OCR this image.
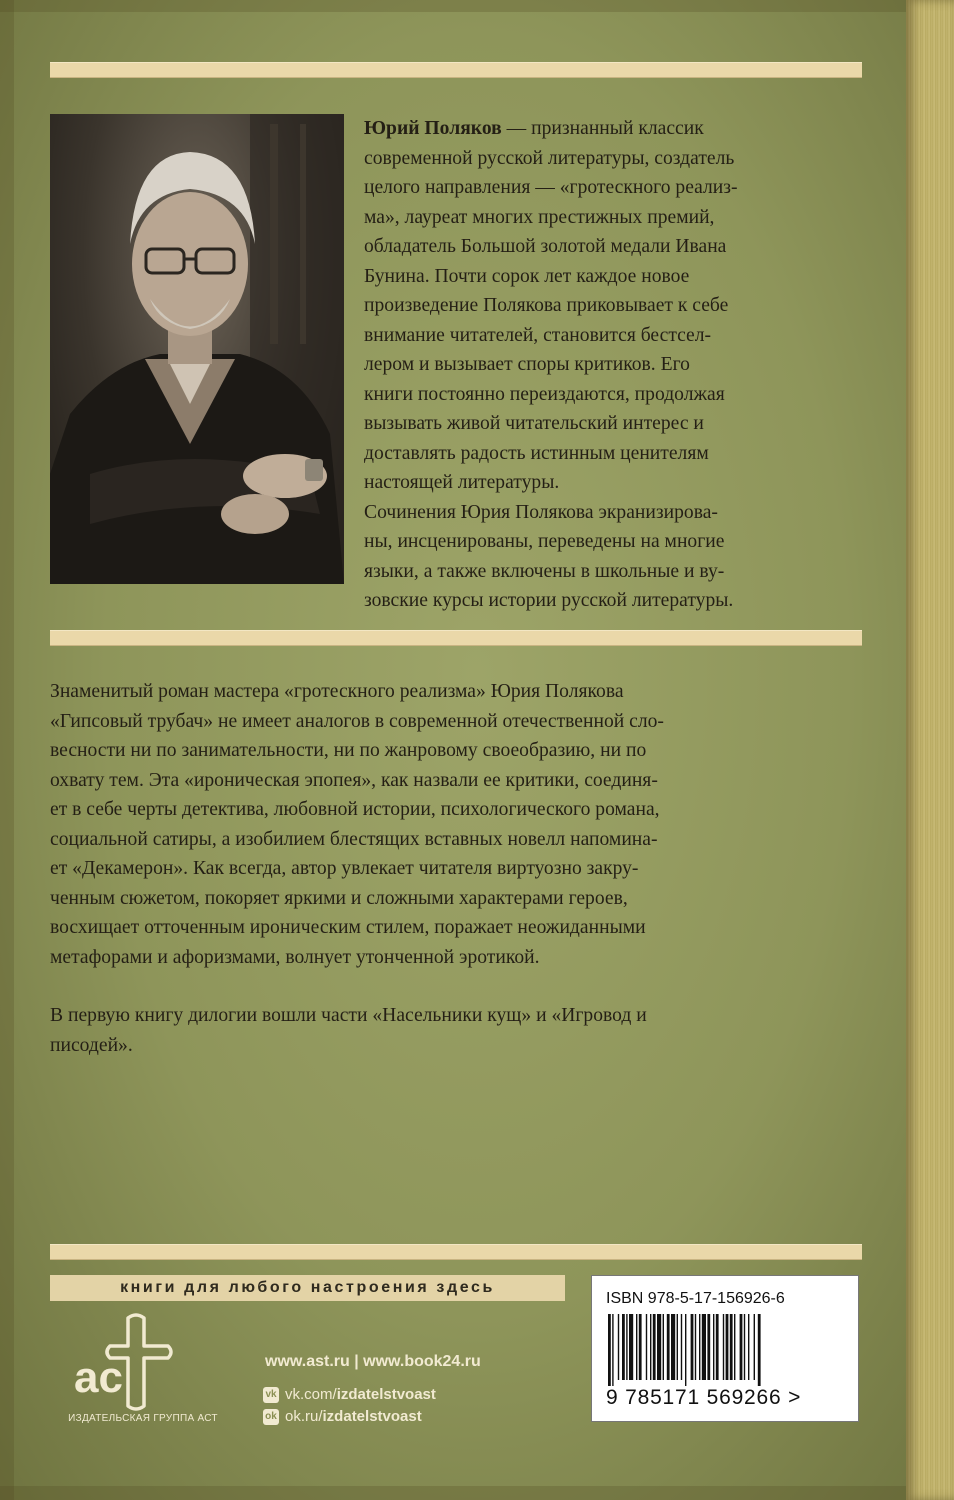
Юрий Поляков — признанный классик

современной русской литературы, создатель

целого направления — «гротескного реализ-

ма», лауреат многих престижных премий,

обладатель Большой золотой медали Ивана

Бунина. Почти сорок лет каждое новое

произведение Полякова приковывает к себе

внимание читателей, становится бестсел-

лером и вызывает споры критиков. Его

книги постоянно переиздаются, продолжая

вызывать живой читательский интерес и

доставлять радость истинным ценителям

настоящей литературы.

Сочинения Юрия Полякова экранизирова-

ны, инсценированы, переведены на многие

языки, а также включены в школьные и ву-

зовские курсы истории русской литературы.

Знаменитый роман мастера «гротескного реализма» Юрия Полякова
«Гипсовый трубач» не имеет аналогов в современной отечественной сло-
весности ни по занимательности, ни по жанровому своеобразию, ни по
охвату тем. Эта «ироническая эпопея», как назвали ее критики, соединя-
ет в себе черты детектива, любовной истории, психологического романа,
социальной сатиры, а изобилием блестящих вставных новелл напомина-
ет «Декамерон». Как всегда, автор увлекает читателя виртуозно закру-
ченным сюжетом, покоряет яркими и сложными характерами героев,
восхищает отточенным ироническим стилем, поражает неожиданными
метафорами и афоризмами, волнует утонченной эротикой.

В первую книгу дилогии вошли части «Насельники кущ» и «Игровод и
писодей».

книги для любого настроения здесь
ас
ИЗДАТЕЛЬСКАЯ ГРУППА АСТ
www.ast.ru | www.book24.ru
vk vk.com/izdatelstvoast
ok ok.ru/izdatelstvoast
ISBN 978-5-17-156926-6
9 785171 569266 >
